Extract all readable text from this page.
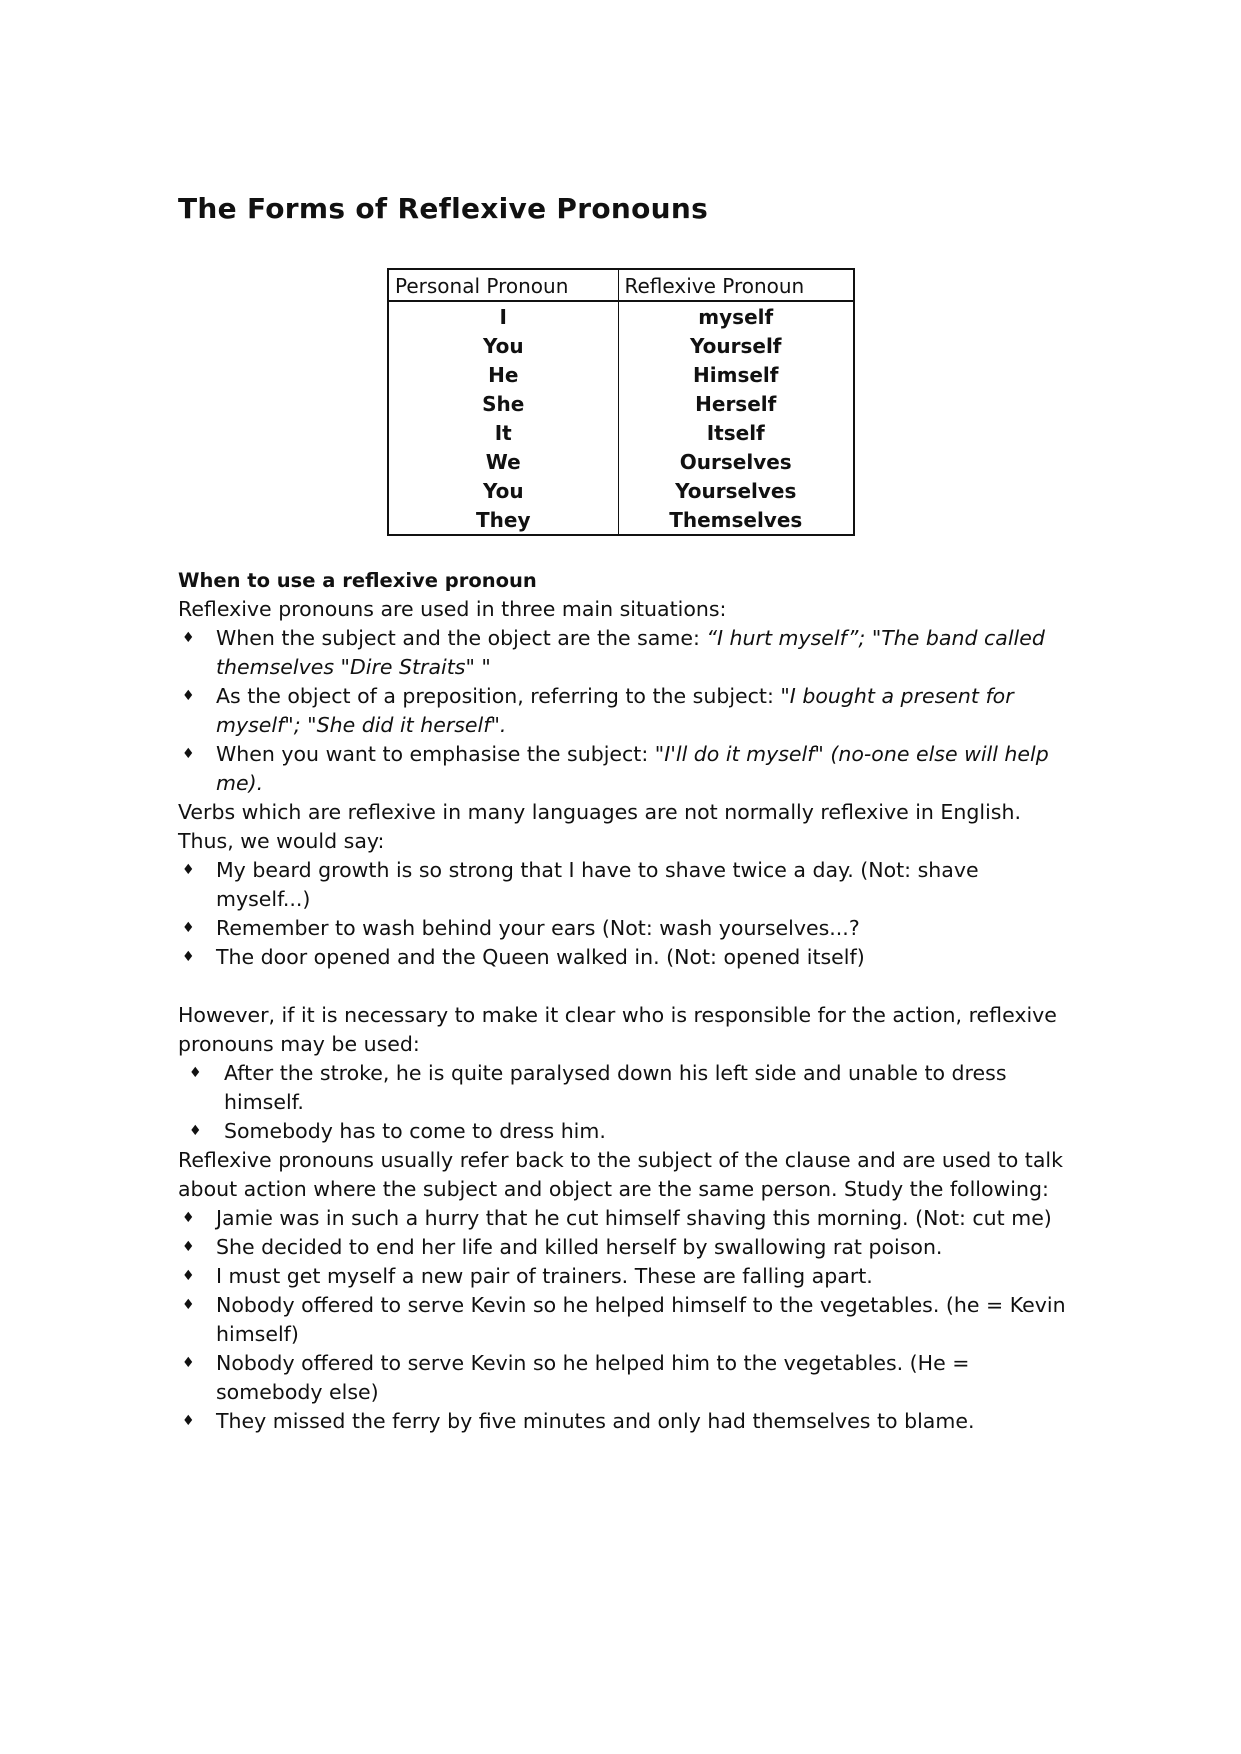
The Forms of Reflexive Pronouns
Personal Pronoun	Reflexive Pronoun
I	myself
You	Yourself
He	Himself
She	Herself
It	Itself
We	Ourselves
You	Yourselves
They	Themselves

When to use a reflexive pronoun

Reflexive pronouns are used in three main situations:

♦ When the subject and the object are the same: “I hurt myself”; "The band called themselves "Dire Straits" "
♦ As the object of a preposition, referring to the subject: "I bought a present for myself"; "She did it herself".
♦ When you want to emphasise the subject: "I'll do it myself" (no-one else will help me).

Verbs which are reflexive in many languages are not normally reflexive in English. Thus, we would say:

♦ My beard growth is so strong that I have to shave twice a day. (Not: shave myself...)
♦ Remember to wash behind your ears (Not: wash yourselves...?
♦ The door opened and the Queen walked in. (Not: opened itself)

However, if it is necessary to make it clear who is responsible for the action, reflexive pronouns may be used:

♦ After the stroke, he is quite paralysed down his left side and unable to dress himself.
♦ Somebody has to come to dress him.

Reflexive pronouns usually refer back to the subject of the clause and are used to talk about action where the subject and object are the same person. Study the following:

♦ Jamie was in such a hurry that he cut himself shaving this morning. (Not: cut me)
♦ She decided to end her life and killed herself by swallowing rat poison.
♦ I must get myself a new pair of trainers. These are falling apart.
♦ Nobody offered to serve Kevin so he helped himself to the vegetables. (he = Kevin himself)
♦ Nobody offered to serve Kevin so he helped him to the vegetables. (He = somebody else)
♦ They missed the ferry by five minutes and only had themselves to blame.
